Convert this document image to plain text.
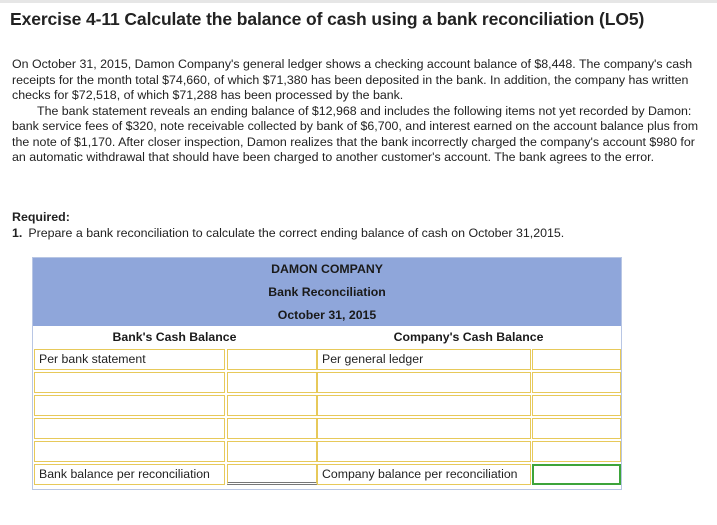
Exercise 4-11 Calculate the balance of cash using a bank reconciliation (LO5)

On October 31, 2015, Damon Company's general ledger shows a checking account balance of $8,448. The company's cash receipts for the month total $74,660, of which $71,380 has been deposited in the bank. In addition, the company has written checks for $72,518, of which $71,288 has been processed by the bank.

The bank statement reveals an ending balance of $12,968 and includes the following items not yet recorded by Damon: bank service fees of $320, note receivable collected by bank of $6,700, and interest earned on the account balance plus from the note of $1,170. After closer inspection, Damon realizes that the bank incorrectly charged the company's account $980 for an automatic withdrawal that should have been charged to another customer's account. The bank agrees to the error.

Required:
1. Prepare a bank reconciliation to calculate the correct ending balance of cash on October 31,2015.
DAMON COMPANY
Bank Reconciliation
October 31, 2015
Bank's Cash Balance	Company's Cash Balance
Per bank statement	Per general ledger
Bank balance per reconciliation	Company balance per reconciliation
